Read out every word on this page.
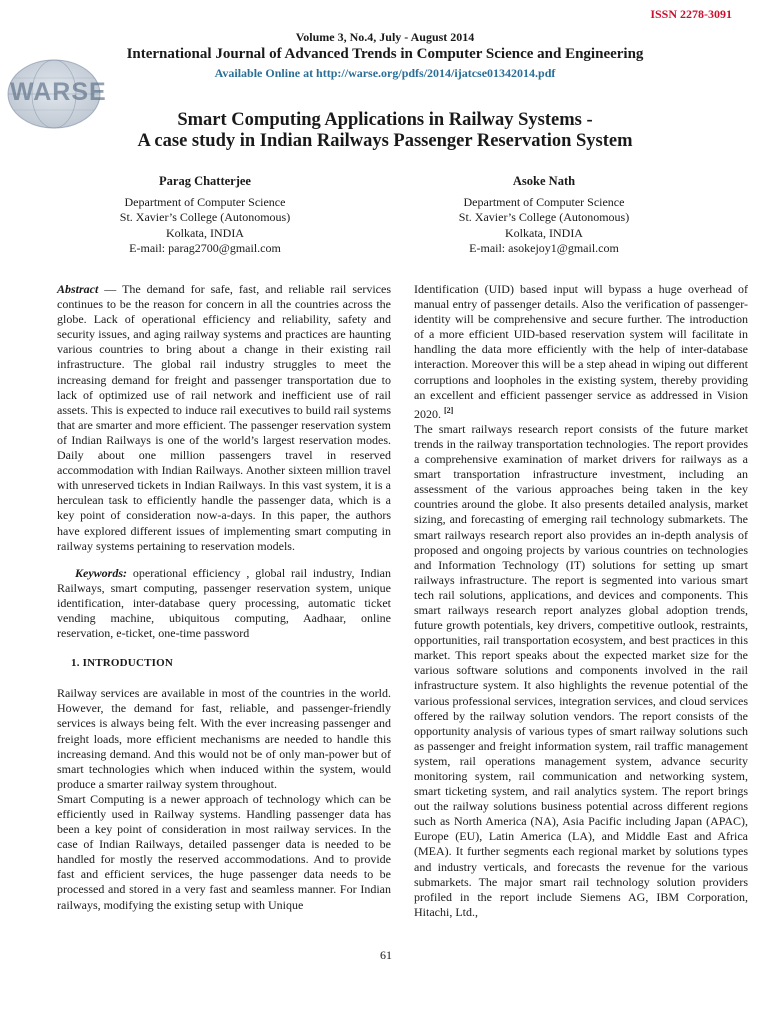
ISSN 2278-3091
Volume 3, No.4, July - August 2014
International Journal of Advanced Trends in Computer Science and Engineering
Available Online at http://warse.org/pdfs/2014/ijatcse01342014.pdf
WARSE
Smart Computing Applications in Railway Systems -
A case study in Indian Railways Passenger Reservation System
Parag Chatterjee
Department of Computer Science
St. Xavier’s College (Autonomous)
Kolkata, INDIA
E-mail: parag2700@gmail.com
Asoke Nath
Department of Computer Science
St. Xavier’s College (Autonomous)
Kolkata, INDIA
E-mail: asokejoy1@gmail.com

Abstract — The demand for safe, fast, and reliable rail services continues to be the reason for concern in all the countries across the globe. Lack of operational efficiency and reliability, safety and security issues, and aging railway systems and practices are haunting various countries to bring about a change in their existing rail infrastructure. The global rail industry struggles to meet the increasing demand for freight and passenger transportation due to lack of optimized use of rail network and inefficient use of rail assets. This is expected to induce rail executives to build rail systems that are smarter and more efficient. The passenger reservation system of Indian Railways is one of the world’s largest reservation modes. Daily about one million passengers travel in reserved accommodation with Indian Railways. Another sixteen million travel with unreserved tickets in Indian Railways. In this vast system, it is a herculean task to efficiently handle the passenger data, which is a key point of consideration now-a-days. In this paper, the authors have explored different issues of implementing smart computing in railway systems pertaining to reservation models.

Keywords: operational efficiency , global rail industry, Indian Railways, smart computing, passenger reservation system, unique identification, inter-database query processing, automatic ticket vending machine, ubiquitous computing, Aadhaar, online reservation, e-ticket, one-time password

1. INTRODUCTION

Railway services are available in most of the countries in the world. However, the demand for fast, reliable, and passenger-friendly services is always being felt. With the ever increasing passenger and freight loads, more efficient mechanisms are needed to handle this increasing demand. And this would not be of only man-power but of smart technologies which when induced within the system, would produce a smarter railway system throughout.

Smart Computing is a newer approach of technology which can be efficiently used in Railway systems. Handling passenger data has been a key point of consideration in most railway services. In the case of Indian Railways, detailed passenger data is needed to be handled for mostly the reserved accommodations. And to provide fast and efficient services, the huge passenger data needs to be processed and stored in a very fast and seamless manner. For Indian railways, modifying the existing setup with Unique

Identification (UID) based input will bypass a huge overhead of manual entry of passenger details. Also the verification of passenger-identity will be comprehensive and secure further. The introduction of a more efficient UID-based reservation system will facilitate in handling the data more efficiently with the help of inter-database interaction. Moreover this will be a step ahead in wiping out different corruptions and loopholes in the existing system, thereby providing an excellent and efficient passenger service as addressed in Vision 2020. [2]

The smart railways research report consists of the future market trends in the railway transportation technologies. The report provides a comprehensive examination of market drivers for railways as a smart transportation infrastructure investment, including an assessment of the various approaches being taken in the key countries around the globe. It also presents detailed analysis, market sizing, and forecasting of emerging rail technology submarkets. The smart railways research report also provides an in-depth analysis of proposed and ongoing projects by various countries on technologies and Information Technology (IT) solutions for setting up smart railways infrastructure. The report is segmented into various smart tech rail solutions, applications, and devices and components. This smart railways research report analyzes global adoption trends, future growth potentials, key drivers, competitive outlook, restraints, opportunities, rail transportation ecosystem, and best practices in this market. This report speaks about the expected market size for the various software solutions and components involved in the rail infrastructure system. It also highlights the revenue potential of the various professional services, integration services, and cloud services offered by the railway solution vendors. The report consists of the opportunity analysis of various types of smart railway solutions such as passenger and freight information system, rail traffic management system, rail operations management system, advance security monitoring system, rail communication and networking system, smart ticketing system, and rail analytics system. The report brings out the railway solutions business potential across different regions such as North America (NA), Asia Pacific including Japan (APAC), Europe (EU), Latin America (LA), and Middle East and Africa (MEA). It further segments each regional market by solutions types and industry verticals, and forecasts the revenue for the various submarkets. The major smart rail technology solution providers profiled in the report include Siemens AG, IBM Corporation, Hitachi, Ltd.,

61
